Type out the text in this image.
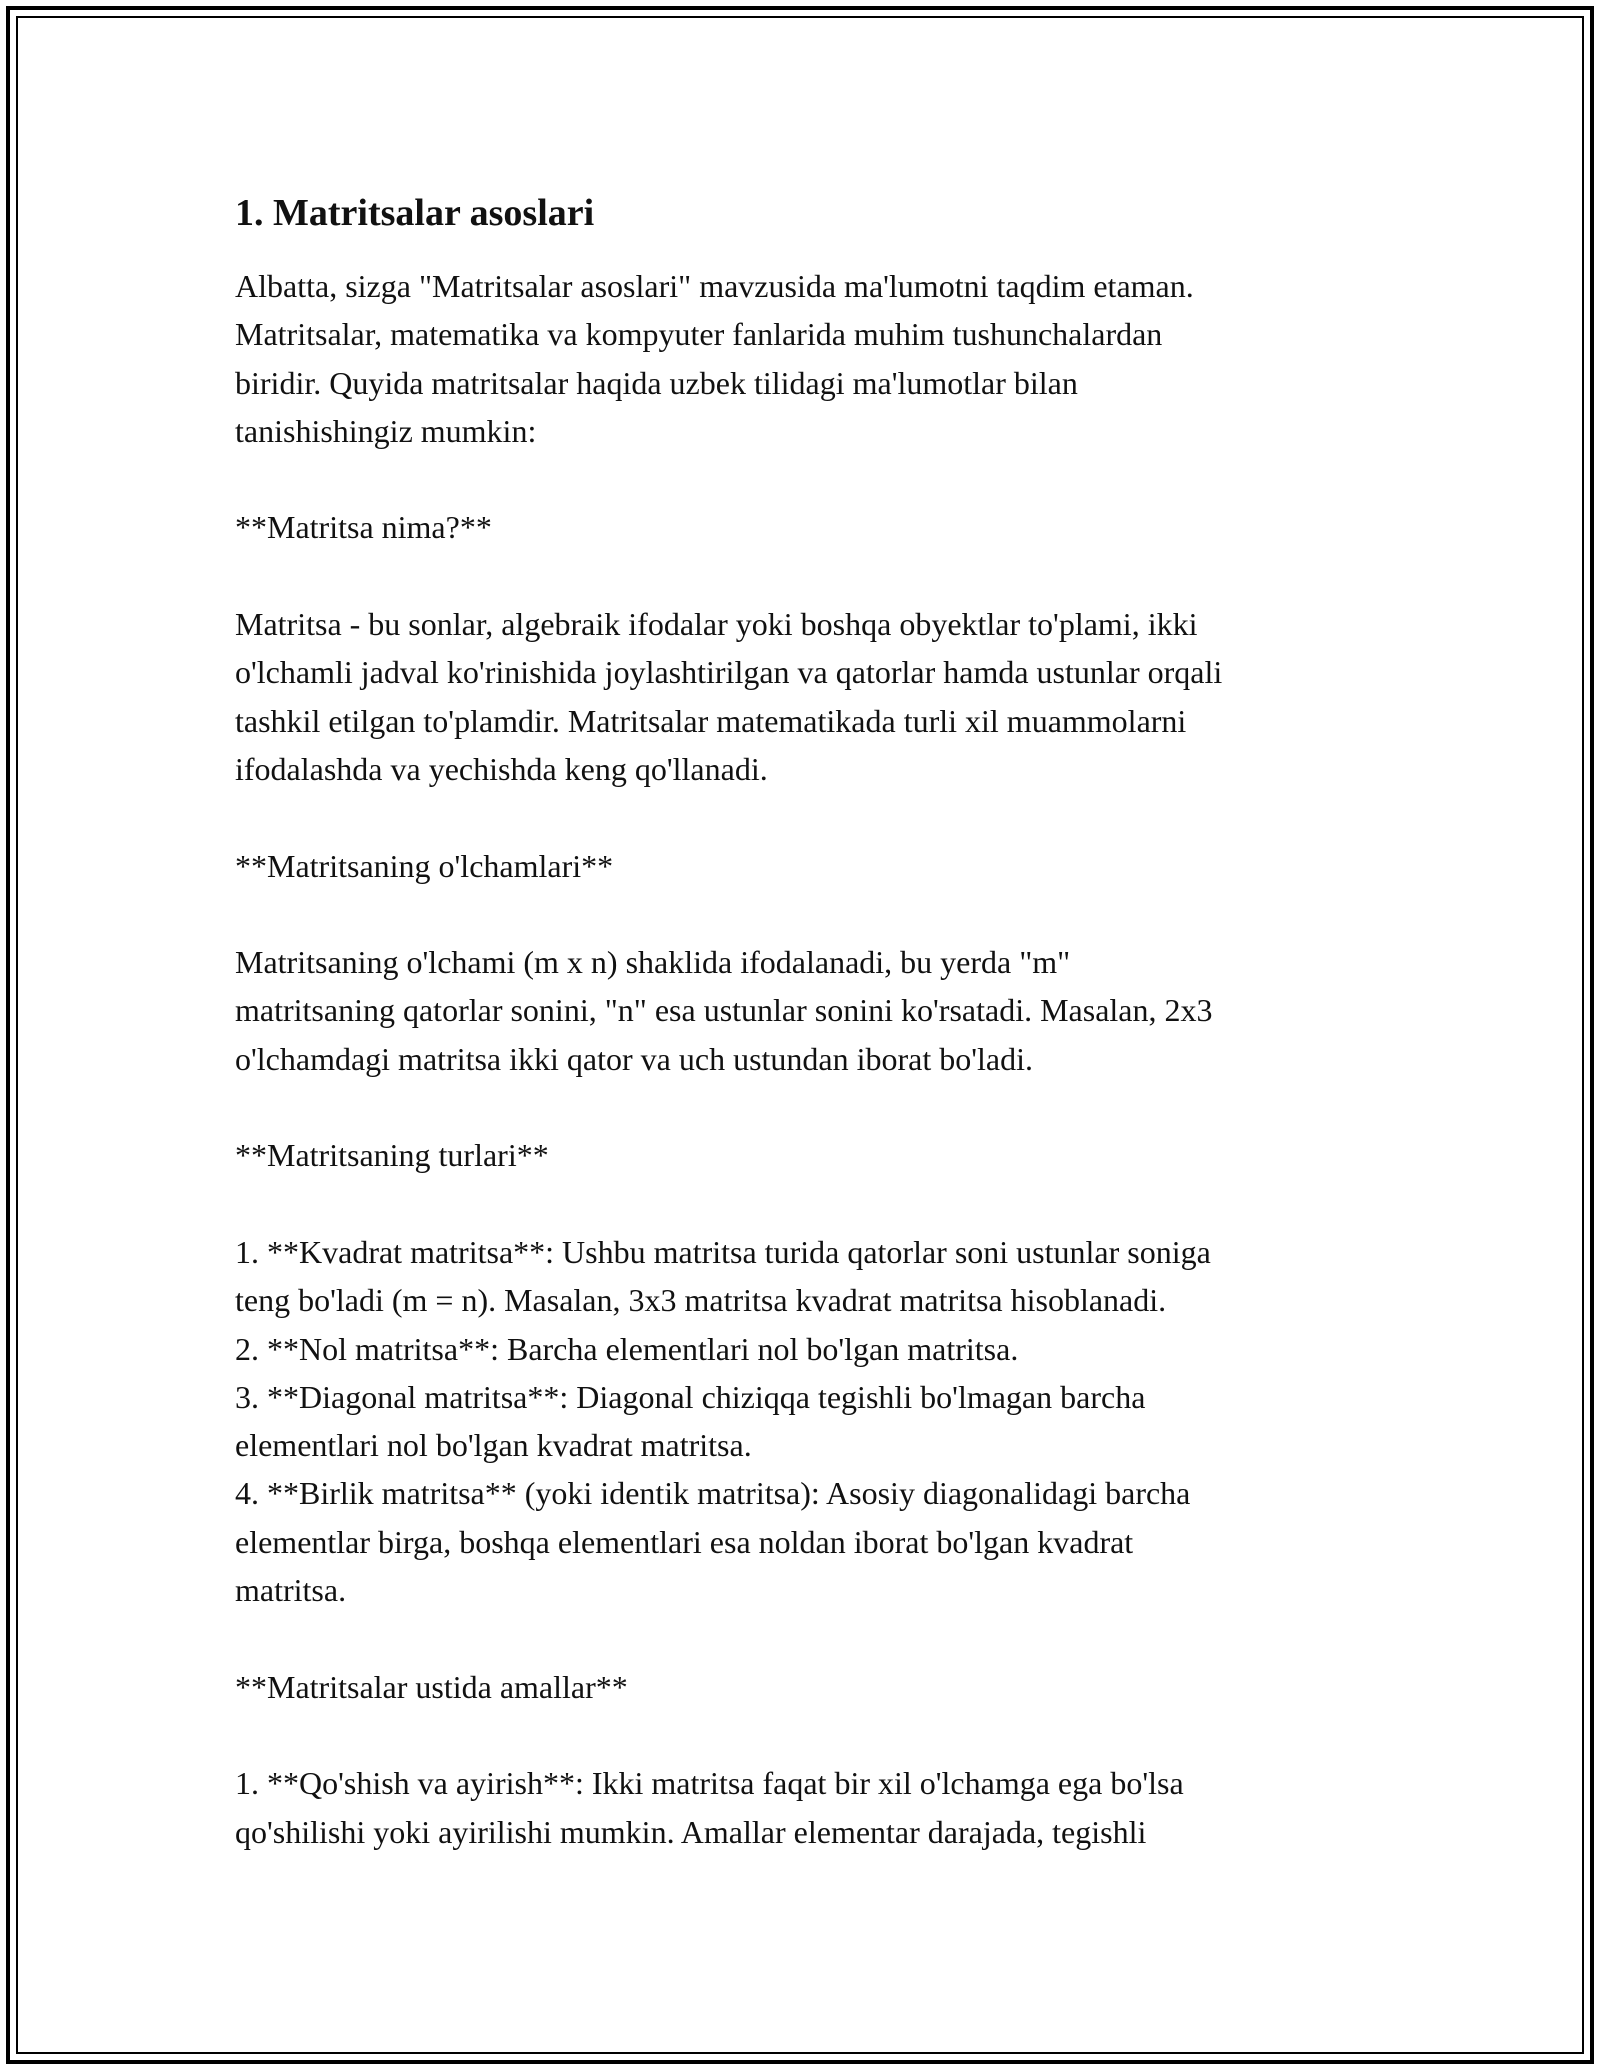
1. Matritsalar asoslari
Albatta, sizga "Matritsalar asoslari" mavzusida ma'lumotni taqdim etaman.
Matritsalar, matematika va kompyuter fanlarida muhim tushunchalardan
biridir. Quyida matritsalar haqida uzbek tilidagi ma'lumotlar bilan
tanishishingiz mumkin:
**Matritsa nima?**
Matritsa - bu sonlar, algebraik ifodalar yoki boshqa obyektlar to'plami, ikki
o'lchamli jadval ko'rinishida joylashtirilgan va qatorlar hamda ustunlar orqali
tashkil etilgan to'plamdir. Matritsalar matematikada turli xil muammolarni
ifodalashda va yechishda keng qo'llanadi.
**Matritsaning o'lchamlari**
Matritsaning o'lchami (m x n) shaklida ifodalanadi, bu yerda "m"
matritsaning qatorlar sonini, "n" esa ustunlar sonini ko'rsatadi. Masalan, 2x3
o'lchamdagi matritsa ikki qator va uch ustundan iborat bo'ladi.
**Matritsaning turlari**
1. **Kvadrat matritsa**: Ushbu matritsa turida qatorlar soni ustunlar soniga
teng bo'ladi (m = n). Masalan, 3x3 matritsa kvadrat matritsa hisoblanadi.
2. **Nol matritsa**: Barcha elementlari nol bo'lgan matritsa.
3. **Diagonal matritsa**: Diagonal chiziqqa tegishli bo'lmagan barcha
elementlari nol bo'lgan kvadrat matritsa.
4. **Birlik matritsa** (yoki identik matritsa): Asosiy diagonalidagi barcha
elementlar birga, boshqa elementlari esa noldan iborat bo'lgan kvadrat
matritsa.
**Matritsalar ustida amallar**
1. **Qo'shish va ayirish**: Ikki matritsa faqat bir xil o'lchamga ega bo'lsa
qo'shilishi yoki ayirilishi mumkin. Amallar elementar darajada, tegishli
